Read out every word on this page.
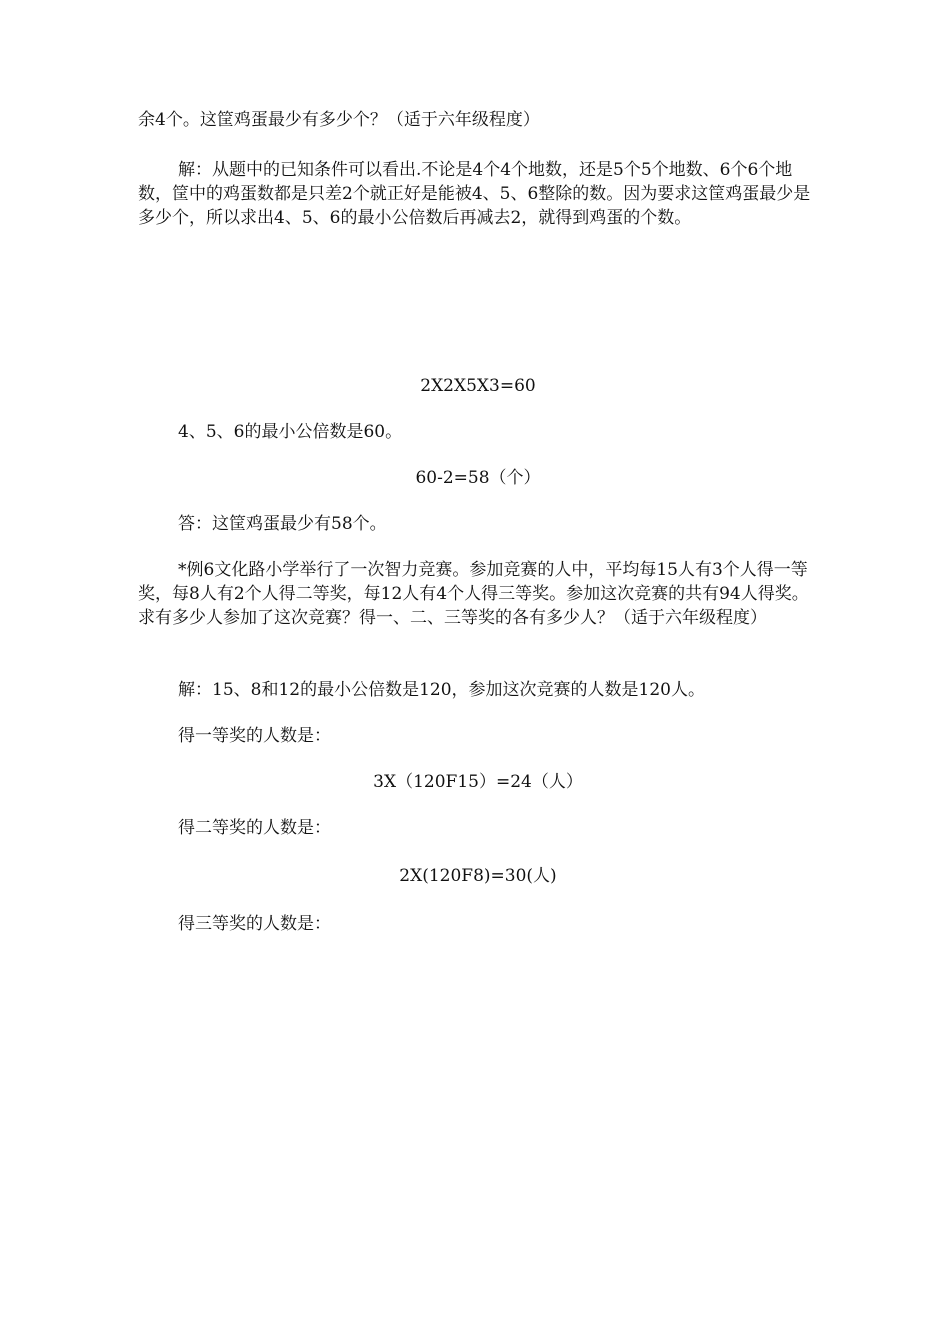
余4个。这筐鸡蛋最少有多少个？（适于六年级程度）

解：从题中的已知条件可以看出.不论是4个4个地数，还是5个5个地数、6个6个地数，筐中的鸡蛋数都是只差2个就正好是能被4、5、6整除的数。因为要求这筐鸡蛋最少是多少个，所以求出4、5、6的最小公倍数后再减去2，就得到鸡蛋的个数。

2X2X5X3=60

4、5、6的最小公倍数是60。

60-2=58（个）

答：这筐鸡蛋最少有58个。

*例6文化路小学举行了一次智力竞赛。参加竞赛的人中，平均每15人有3个人得一等奖，每8人有2个人得二等奖，每12人有4个人得三等奖。参加这次竞赛的共有94人得奖。求有多少人参加了这次竞赛？得一、二、三等奖的各有多少人？（适于六年级程度）

解：15、8和12的最小公倍数是120，参加这次竞赛的人数是120人。

得一等奖的人数是：

3X（120F15）=24（人）

得二等奖的人数是：

2X(120F8)=30(人)

得三等奖的人数是：
